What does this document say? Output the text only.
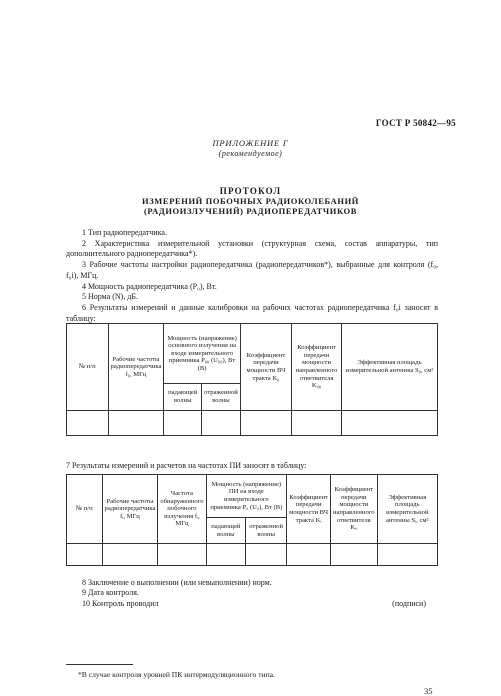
ГОСТ Р 50842—95
ПРИЛОЖЕНИЕ Г
(рекомендуемое)
ПРОТОКОЛ
ИЗМЕРЕНИЙ ПОБОЧНЫХ РАДИОКОЛЕБАНИЙ
(РАДИОИЗЛУЧЕНИЙ) РАДИОПЕРЕДАТЧИКОВ

1 Тип радиопередатчика.

2 Характеристика измерительной установки (структурная схема, состав аппаратуры, тип дополнительного радиопередатчика*).

3 Рабочие частоты настройки радиопередатчика (радиопередатчиков*), выбранные для контроля (f₀, f₀i), МГц.

4 Мощность радиопередатчика (P₀), Вт.

5 Норма (N), дБ.

6 Результаты измерений и данные калибровки на рабочих частотах радиопередатчика f₀i заносят в таблицу:

№ п/п	Рабочие частоты радиопередатчика f₀, МГц	Мощность (напряжение) основного излучения на входе измерительного приемника P₀₀ (U₀₀), Вт (В)		Коэффициент передачи мощности ВЧ тракта K₀	Коэффициент передачи мощности направленного ответвителя K₀₀	Эффективная площадь измерительной антенны S₀, см²
		падающей волны	отраженной волны			

7 Результаты измерений и расчетов на частотах ПИ заносят в таблицу:
№ п/п	Рабочие частоты радиопередатчика fᵢ, МГц	Частота обнаруженного побочного излучения fᵢ, МГц	Мощность (напряжение) ПИ на входе измерительного приемника Pᵢᵢ (Uᵢᵢ), Вт (В)		Коэффициент передачи мощности ВЧ тракта Kᵢ	Коэффициент передачи мощности направленного ответвителя Kᵢᵢ	Эффективная площадь измерительной антенны Sᵢ, см²
			падающей волны	отраженной волны			

8 Заключение о выполнении (или невыполнении) норм.
9 Дата контроля.
10 Контроль проводил	(подписи)
*В случае контроля уровней ПК интермодуляционного типа.
35
